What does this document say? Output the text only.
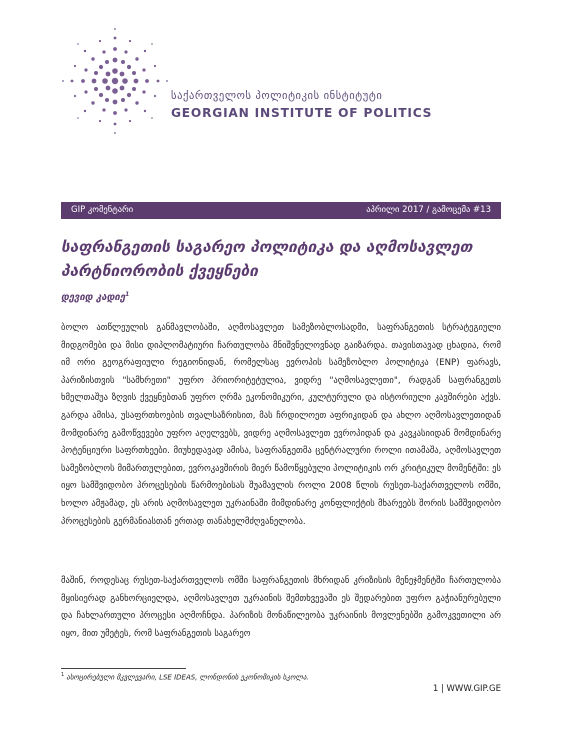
საქართველოს პოლიტიკის ინსტიტუტი
GEORGIAN INSTITUTE OF POLITICS
GIP კომენტარი	აპრილი 2017 / გამოცემა #13
საფრანგეთის საგარეო პოლიტიკა და აღმოსავლეთ პარტნიორობის ქვეყნები
დევიდ კადიე$^1$
ბოლო ათწლეულის განმავლობაში, აღმოსავლეთ სამეზობლოსადმი, საფრანგეთის სტრატეგიული მიდგომები და მისი დიპლომატიური ჩართულობა მნიშვნელოვნად გაიზარდა. თავისთავად ცხადია, რომ იმ ორი გეოგრაფიული რეგიონიდან, რომელსაც ევროპის სამეზობლო პოლიტიკა (ENP) ფარავს, პარიზისთვის "სამხრეთი" უფრო პრიორიტეტულია, ვიდრე "აღმოსავლეთი", რადგან საფრანგეთს ხმელთაშუა ზღვის ქვეყნებთან უფრო ღრმა ეკონომიკური, კულტურული და ისტორიული კავშირები აქვს. გარდა ამისა, უსაფრთხოების თვალსაზრისით, მას ჩრდილოეთ აფრიკიდან და ახლო აღმოსავლეთიდან მომდინარე გამოწვევები უფრო აღელვებს, ვიდრე აღმოსავლეთ ევროპიდან და კავკასიიდან მომდინარე პოტენციური საფრთხეები. მიუხედავად ამისა, საფრანგეთმა ცენტრალური როლი ითამაშა, აღმოსავლეთ სამეზობლოს მიმართულებით, ევროკავშირის მიერ წამოწყებული პოლიტიკის ორ კრიტიკულ მომენტში: ეს იყო სამშვიდობო პროცესების წარმოებისას შუამავლის როლი 2008 წლის რუსეთ-საქართველოს ომში, ხოლო ამჟამად, ეს არის აღმოსავლეთ უკრაინაში მიმდინარე კონფლიქტის მხარეებს შორის სამშვიდობო პროცესების გერმანიასთან ერთად თანახელმძღვანელობა.
მაშინ, როდესაც რუსეთ-საქართველოს ომში საფრანგეთის მხრიდან კრიზისის მენეჯმენტში ჩართულობა მყისიერად განხორციელდა, აღმოსავლეთ უკრაინის შემთხვევაში ეს შედარებით უფრო გაჭიანურებული და ჩახლართული პროცესი აღმოჩნდა. პარიზის მონაწილეობა უკრაინის მოვლენებში გამოკვეთილი არ იყო, მით უმეტეს, რომ საფრანგეთის საგარეო
$^1$ ასოცირებული მკვლევარი, LSE IDEAS, ლონდონის ეკონომიკის სკოლა.
1 | WWW.GIP.GE
